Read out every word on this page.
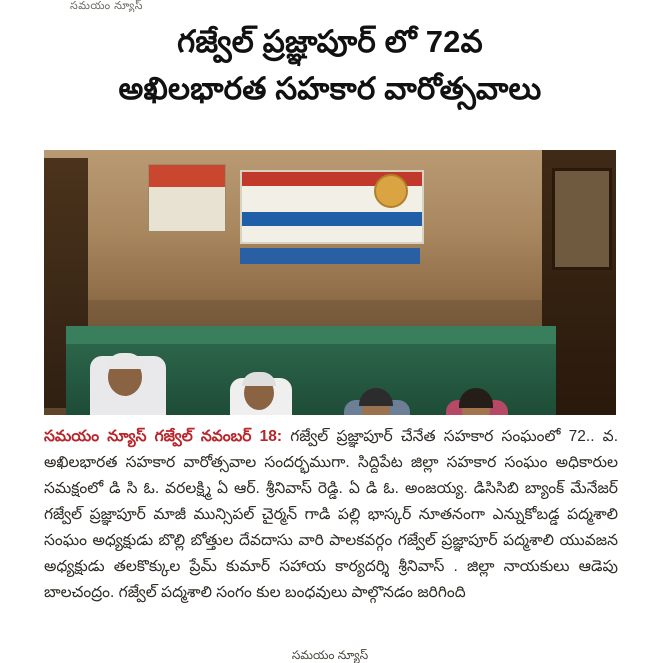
సమయం న్యూస్
గజ్వేల్ ప్రజ్ఞాపూర్ లో 72వ
అఖిలభారత సహకార వారోత్సవాలు
సమయం న్యూస్ గజ్వేల్ నవంబర్ 18: గజ్వేల్ ప్రజ్ఞాపూర్ చేనేత సహకార సంఘంలో 72.. వ. అఖిలభారత సహకార వారోత్సవాల సందర్భముగా. సిద్దిపేట జిల్లా సహకార సంఘం అధికారుల సమక్షంలో డి సి ఓ. వరలక్ష్మి ఏ ఆర్. శ్రీనివాస్ రెడ్డి. ఏ డి ఓ. అంజయ్య. డిసిసిబి బ్యాంక్ మేనేజర్ గజ్వేల్ ప్రజ్ఞాపూర్ మాజీ మున్సిపల్ చైర్మన్ గాడి పల్లి భాస్కర్ నూతనంగా ఎన్నుకోబడ్డ పద్మశాలి సంఘం అధ్యక్షుడు బొల్లి బోత్తుల దేవదాసు వారి పాలకవర్గం గజ్వేల్ ప్రజ్ఞాపూర్ పద్మశాలి యువజన అధ్యక్షుడు తలకొక్కుల ప్రేమ్ కుమార్ సహాయ కార్యదర్శి శ్రీనివాస్ . జిల్లా నాయకులు ఆడెపు బాలచంద్రం. గజ్వేల్ పద్మశాలి సంగం కుల బంధవులు పాల్గొనడం జరిగింది
సమయం న్యూస్
